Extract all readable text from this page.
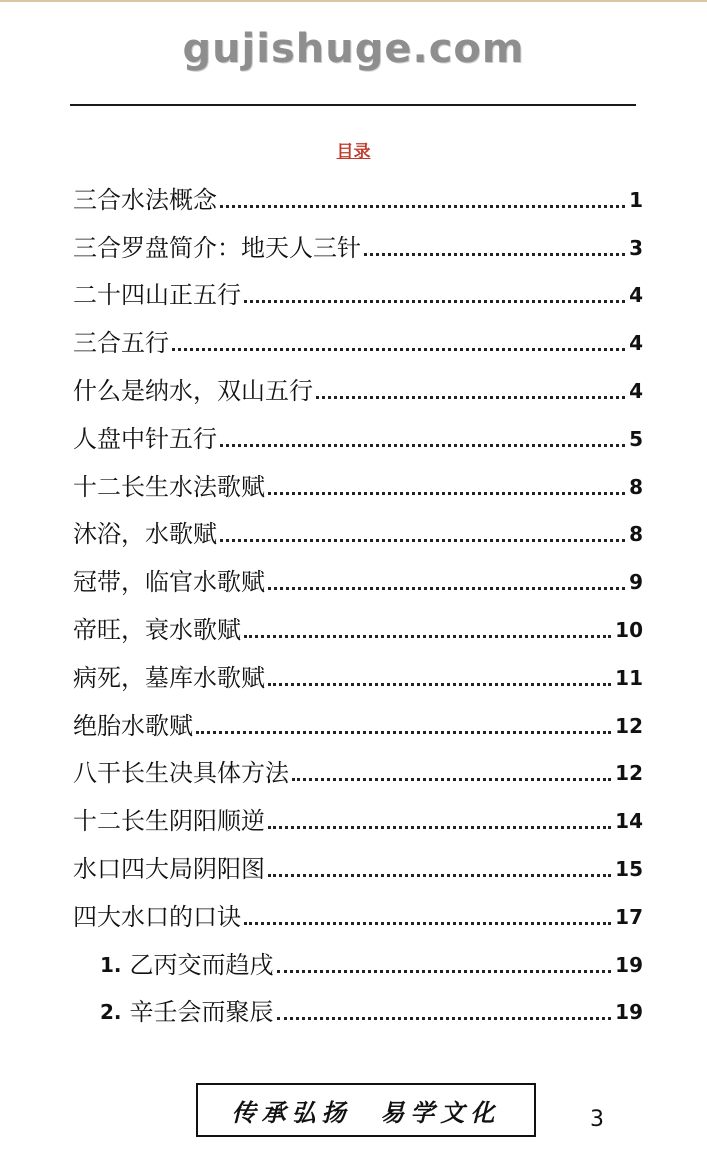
gujishuge.com
目录
三合水法概念	1
三合罗盘简介：地天人三针	3
二十四山正五行	4
三合五行	4
什么是纳水，双山五行	4
人盘中针五行	5
十二长生水法歌赋	8
沐浴，水歌赋	8
冠带，临官水歌赋	9
帝旺，衰水歌赋	10
病死，墓库水歌赋	11
绝胎水歌赋	12
八干长生决具体方法	12
十二长生阴阳顺逆	14
水口四大局阴阳图	15
四大水口的口诀	17
1. 乙丙交而趋戌	19
2. 辛壬会而聚辰	19
传承弘扬  易学文化	3
